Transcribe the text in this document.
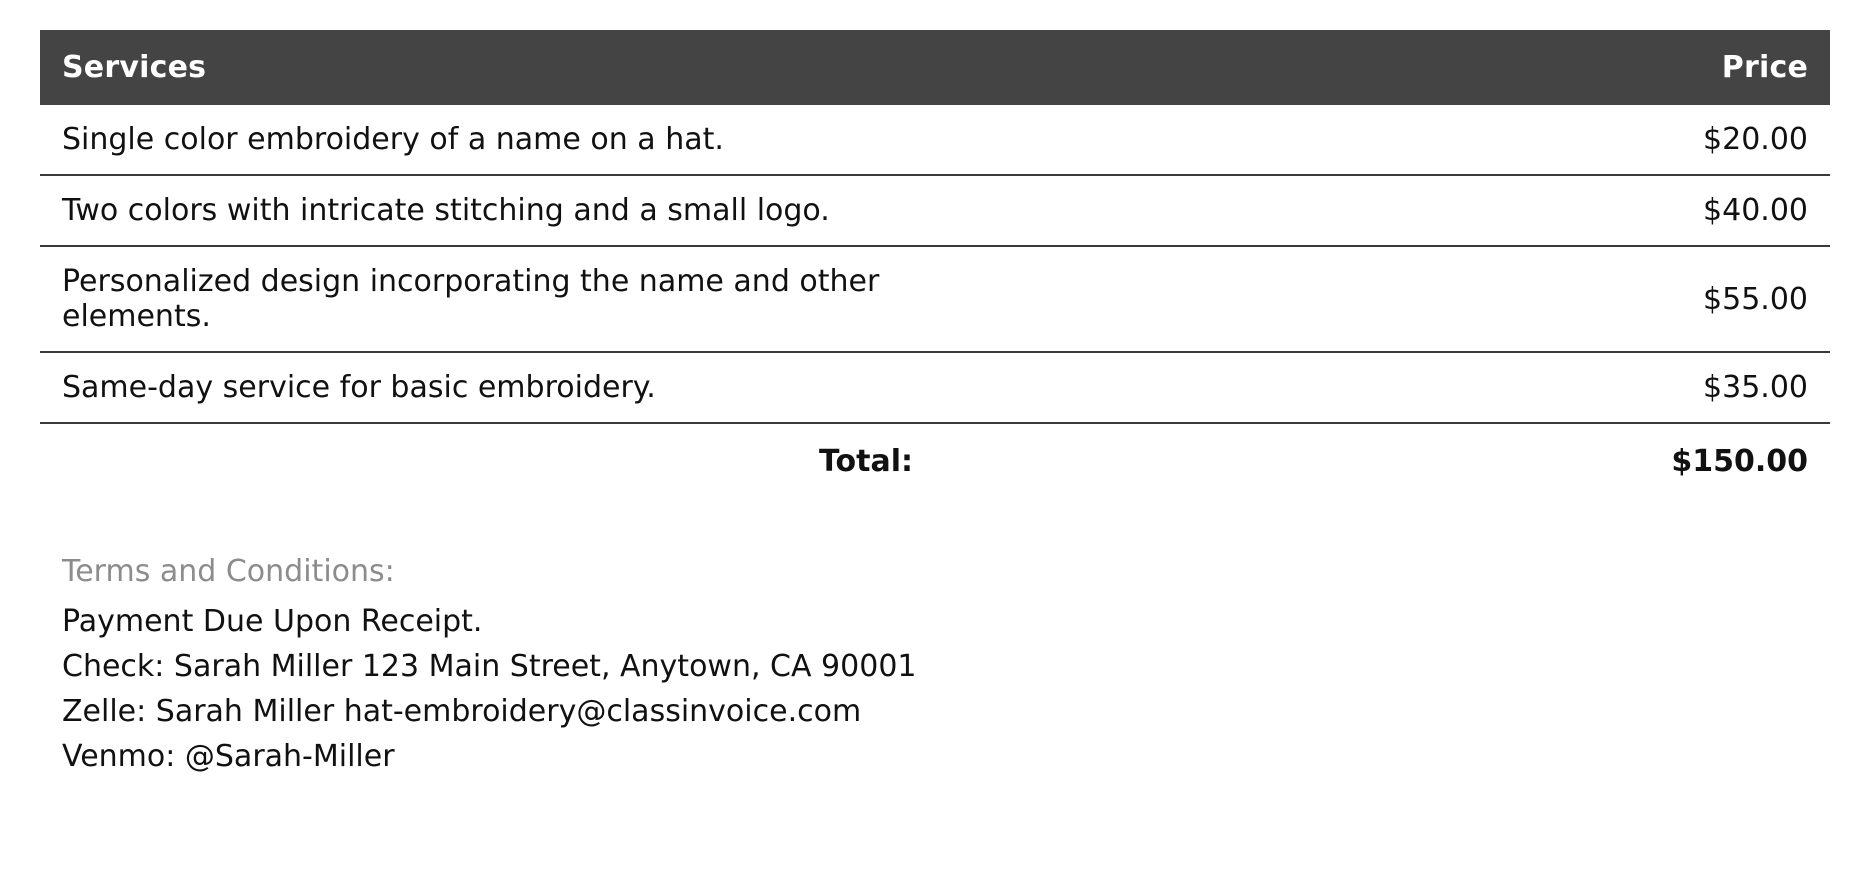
Services	Price
Single color embroidery of a name on a hat.	$20.00
Two colors with intricate stitching and a small logo.	$40.00
Personalized design incorporating the name and other elements.	$55.00
Same-day service for basic embroidery.	$35.00
Total:	$150.00
Terms and Conditions:
Payment Due Upon Receipt.
Check: Sarah Miller 123 Main Street, Anytown, CA 90001
Zelle: Sarah Miller hat-embroidery@classinvoice.com
Venmo: @Sarah-Miller
